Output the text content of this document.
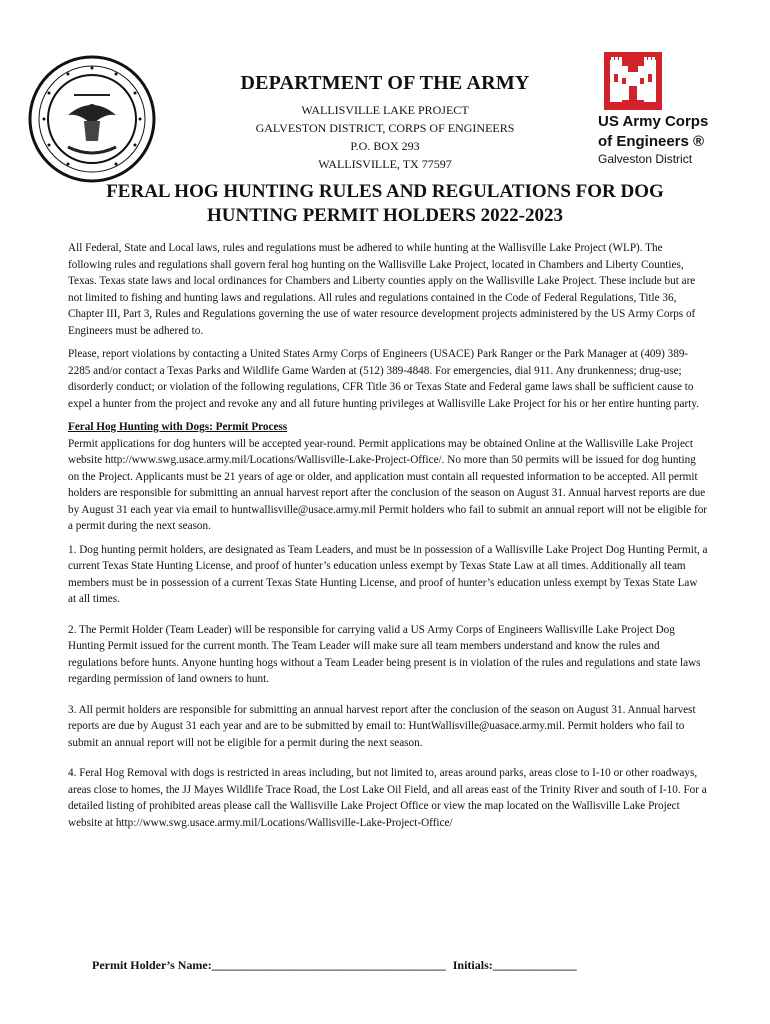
DEPARTMENT OF THE ARMY
WALLISVILLE LAKE PROJECT
GALVESTON DISTRICT, CORPS OF ENGINEERS
P.O. BOX 293
WALLISVILLE, TX 77597
US Army Corps
of Engineers ®
Galveston District
FERAL HOG HUNTING RULES AND REGULATIONS FOR DOG HUNTING PERMIT HOLDERS 2022-2023

All Federal, State and Local laws, rules and regulations must be adhered to while hunting at the Wallisville Lake Project (WLP). The following rules and regulations shall govern feral hog hunting on the Wallisville Lake Project, located in Chambers and Liberty Counties, Texas. Texas state laws and local ordinances for Chambers and Liberty counties apply on the Wallisville Lake Project. These include but are not limited to fishing and hunting laws and regulations. All rules and regulations contained in the Code of Federal Regulations, Title 36, Chapter III, Part 3, Rules and Regulations governing the use of water resource development projects administered by the US Army Corps of Engineers must be adhered to.

Please, report violations by contacting a United States Army Corps of Engineers (USACE) Park Ranger or the Park Manager at (409) 389-2285 and/or contact a Texas Parks and Wildlife Game Warden at (512) 389-4848. For emergencies, dial 911. Any drunkenness; drug-use; disorderly conduct; or violation of the following regulations, CFR Title 36 or Texas State and Federal game laws shall be sufficient cause to expel a hunter from the project and revoke any and all future hunting privileges at Wallisville Lake Project for his or her entire hunting party.

Feral Hog Hunting with Dogs: Permit Process

Permit applications for dog hunters will be accepted year-round. Permit applications may be obtained Online at the Wallisville Lake Project website http://www.swg.usace.army.mil/Locations/Wallisville-Lake-Project-Office/. No more than 50 permits will be issued for dog hunting on the Project. Applicants must be 21 years of age or older, and application must contain all requested information to be accepted. All permit holders are responsible for submitting an annual harvest report after the conclusion of the season on August 31. Annual harvest reports are due by August 31 each year via email to huntwallisville@usace.army.mil Permit holders who fail to submit an annual report will not be eligible for a permit during the next season.

1. Dog hunting permit holders, are designated as Team Leaders, and must be in possession of a Wallisville Lake Project Dog Hunting Permit, a current Texas State Hunting License, and proof of hunter’s education unless exempt by Texas State Law at all times. Additionally all team members must be in possession of a current Texas State Hunting License, and proof of hunter’s education unless exempt by Texas State Law at all times.

2. The Permit Holder (Team Leader) will be responsible for carrying valid a US Army Corps of Engineers Wallisville Lake Project Dog Hunting Permit issued for the current month. The Team Leader will make sure all team members understand and know the rules and regulations before hunts. Anyone hunting hogs without a Team Leader being present is in violation of the rules and regulations and state laws regarding permission of land owners to hunt.

3. All permit holders are responsible for submitting an annual harvest report after the conclusion of the season on August 31. Annual harvest reports are due by August 31 each year and are to be submitted by email to: HuntWallisville@uasace.army.mil. Permit holders who fail to submit an annual report will not be eligible for a permit during the next season.

4. Feral Hog Removal with dogs is restricted in areas including, but not limited to, areas around parks, areas close to I-10 or other roadways, areas close to homes, the JJ Mayes Wildlife Trace Road, the Lost Lake Oil Field, and all areas east of the Trinity River and south of I-10. For a detailed listing of prohibited areas please call the Wallisville Lake Project Office or view the map located on the Wallisville Lake Project website at http://www.swg.usace.army.mil/Locations/Wallisville-Lake-Project-Office/

Permit Holder’s Name:_______________________________________ Initials:______________
